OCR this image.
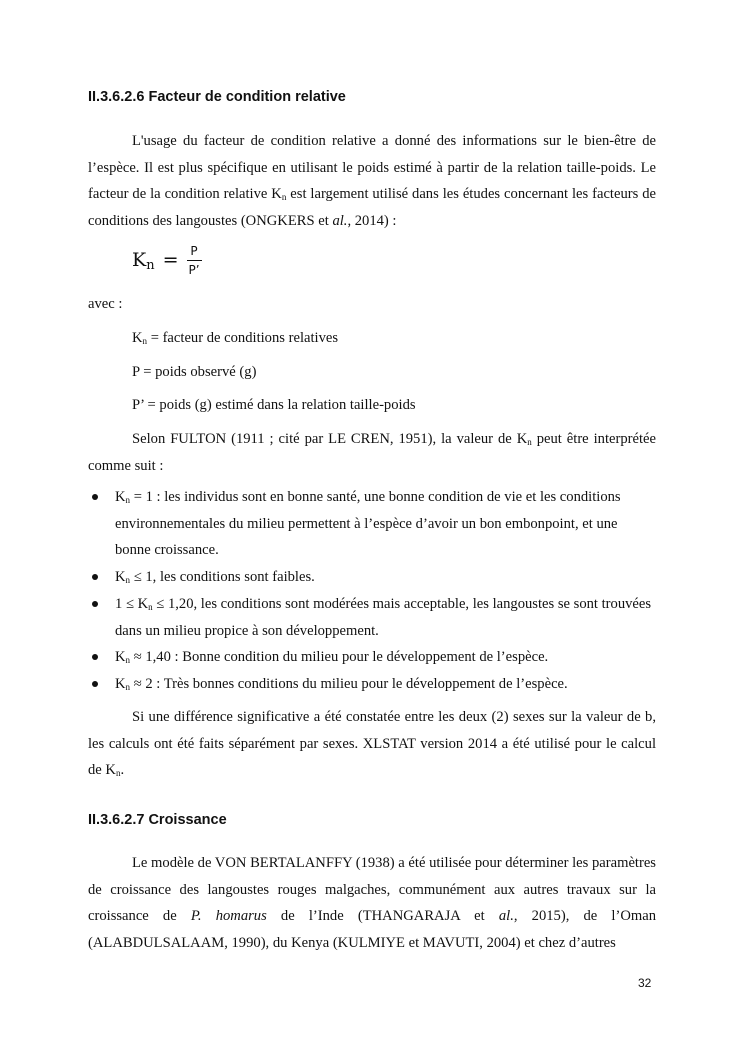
II.3.6.2.6 Facteur de condition relative

L'usage du facteur de condition relative a donné des informations sur le bien-être de l’espèce. Il est plus spécifique en utilisant le poids estimé à partir de la relation taille-poids. Le facteur de la condition relative $K_n$ est largement utilisé dans les études concernant les facteurs de conditions des langoustes (ONGKERS et al., 2014) :

K $n = \frac{P}{P’}$

avec :

$K_n$ = facteur de conditions relatives

P = poids observé (g)

P’ = poids (g) estimé dans la relation taille-poids

Selon FULTON (1911 ; cité par LE CREN, 1951), la valeur de $K_n$ peut être interprétée comme suit :

$K_n = 1$ : les individus sont en bonne santé, une bonne condition de vie et les conditions environnementales du milieu permettent à l’espèce d’avoir un bon embonpoint, et une bonne croissance.
$K_n \le 1$, les conditions sont faibles.
$1 \le K_n \le 1,20$, les conditions sont modérées mais acceptable, les langoustes se sont trouvées dans un milieu propice à son développement.
$K_n \approx 1,40$ : Bonne condition du milieu pour le développement de l’espèce.
$K_n \approx 2$ : Très bonnes conditions du milieu pour le développement de l’espèce.

Si une différence significative a été constatée entre les deux (2) sexes sur la valeur de b, les calculs ont été faits séparément par sexes. XLSTAT version 2014 a été utilisé pour le calcul de $K_n$.

II.3.6.2.7 Croissance

Le modèle de VON BERTALANFFY (1938) a été utilisée pour déterminer les paramètres de croissance des langoustes rouges malgaches, communément aux autres travaux sur la croissance de P. homarus de l’Inde (THANGARAJA et al., 2015), de l’Oman (ALABDULSALAAM, 1990), du Kenya (KULMIYE et MAVUTI, 2004) et chez d’autres

32
